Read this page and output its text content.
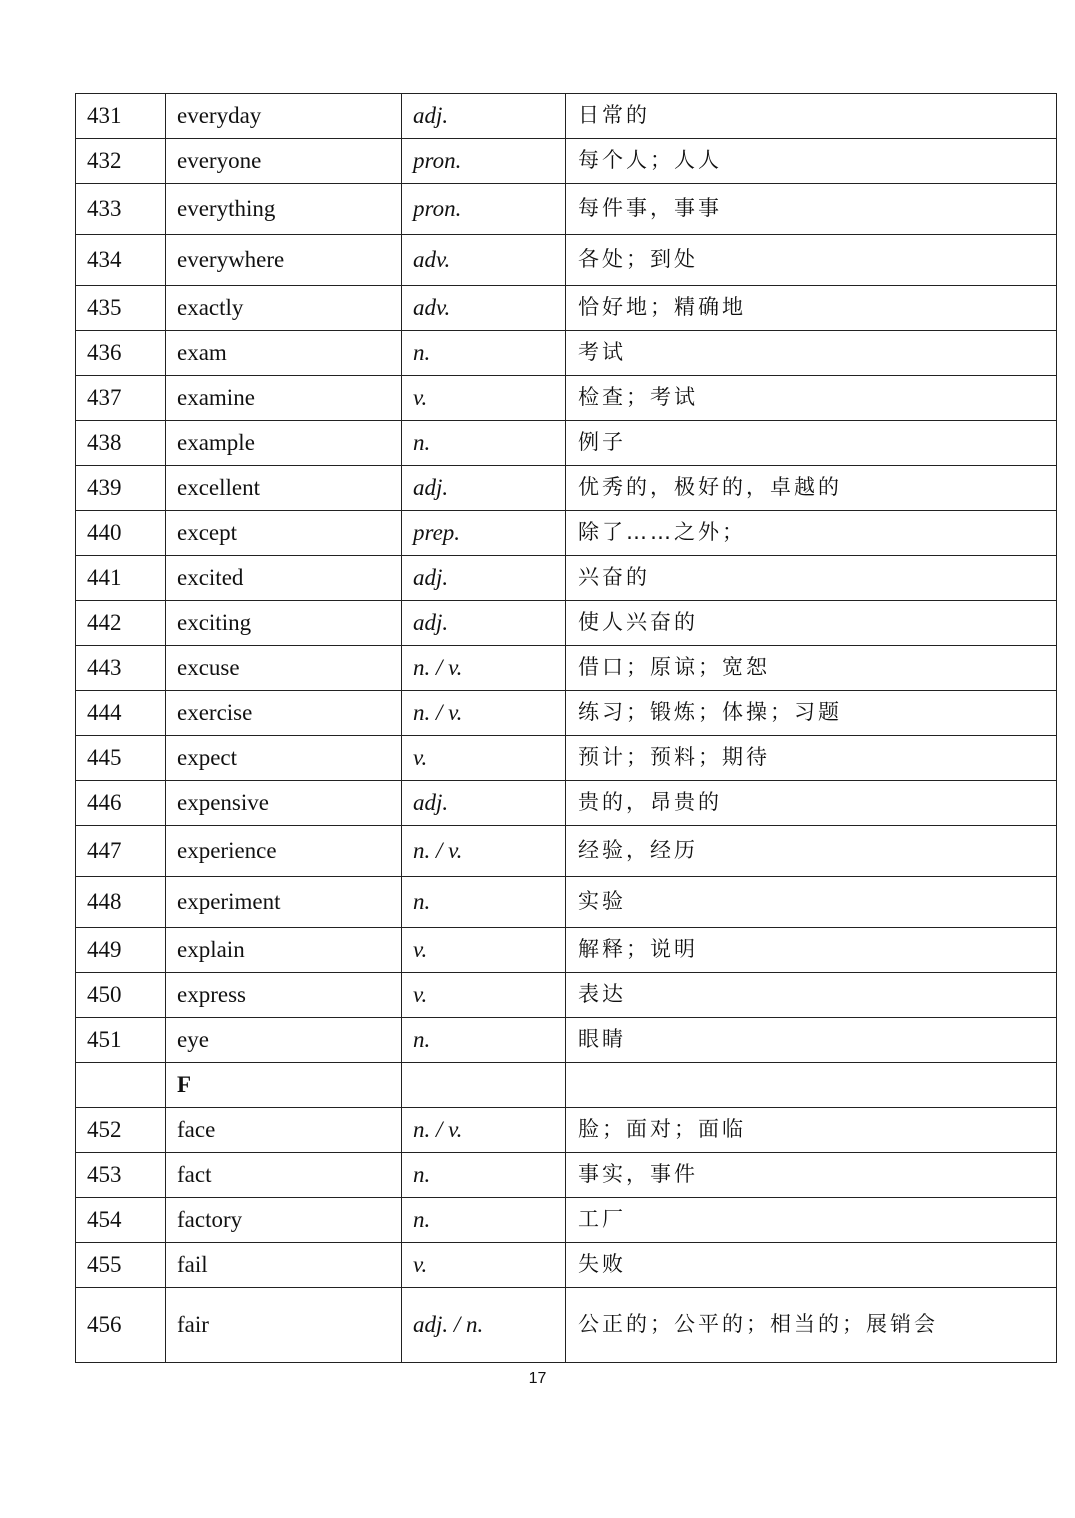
431	everyday	adj.	日常的
432	everyone	pron.	每个人；人人
433	everything	pron.	每件事，事事
434	everywhere	adv.	各处；到处
435	exactly	adv.	恰好地；精确地
436	exam	n.	考试
437	examine	v.	检查；考试
438	example	n.	例子
439	excellent	adj.	优秀的，极好的，卓越的
440	except	prep.	除了……之外；
441	excited	adj.	兴奋的
442	exciting	adj.	使人兴奋的
443	excuse	n. / v.	借口；原谅；宽恕
444	exercise	n. / v.	练习；锻炼；体操；习题
445	expect	v.	预计；预料；期待
446	expensive	adj.	贵的，昂贵的
447	experience	n. / v.	经验，经历
448	experiment	n.	实验
449	explain	v.	解释；说明
450	express	v.	表达
451	eye	n.	眼睛
	F		
452	face	n. / v.	脸；面对；面临
453	fact	n.	事实，事件
454	factory	n.	工厂
455	fail	v.	失败
456	fair	adj. / n.	公正的；公平的；相当的；展销会
17
